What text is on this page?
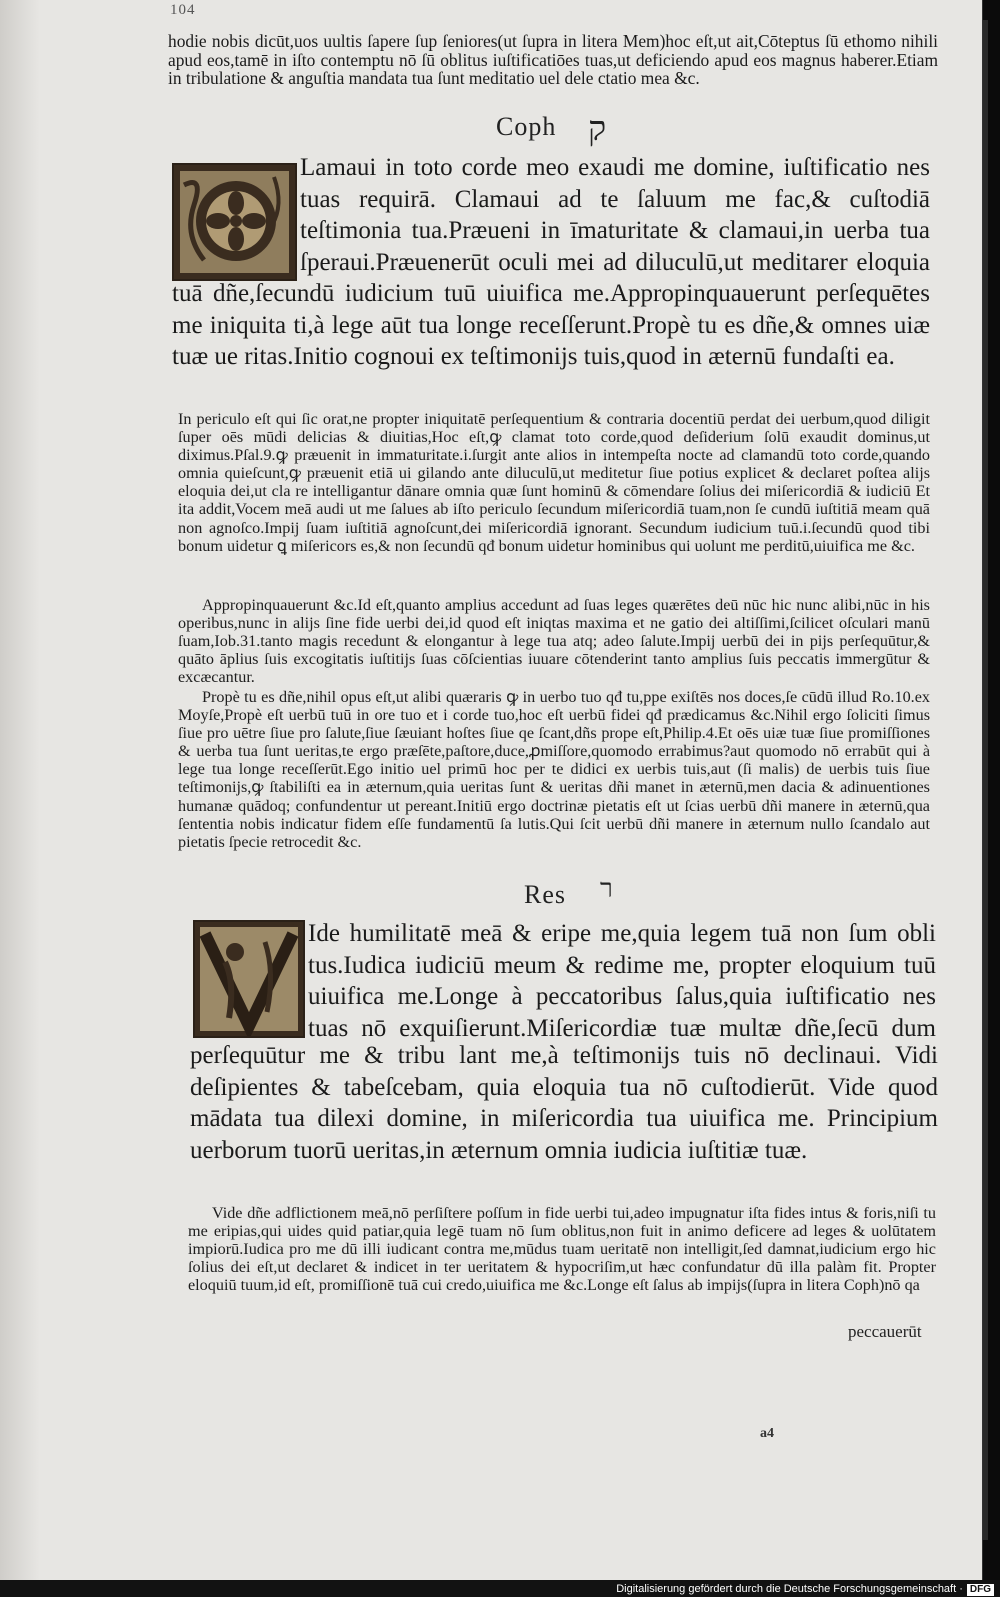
104

hodie nobis dicūt,uos uultis ſapere ſup ſeniores(ut ſupra in litera Mem)hoc eſt,ut ait,Cōteptus ſū ethomo nihili apud eos,tamē in iſto contemptu nō ſū oblitus iuſtificatiōes tuas,ut deficiendo apud eos magnus haberer.Etiam in tribulatione & anguſtia mandata tua ſunt meditatio uel dele ctatio mea &c.

Coph ק

Lamaui in toto corde meo exaudi me domine, iuſtificatio nes tuas requirā. Clamaui ad te ſaluum me fac,& cuſtodiā teſtimonia tua.Præueni in īmaturitate & clamaui,in uerba tua ſperaui.Præuenerūt oculi mei ad diluculū,ut meditarer eloquia

tuā dñe,ſecundū iudicium tuū uiuifica me.Appropinquauerunt perſequētes me iniquita ti,à lege aūt tua longe receſſerunt.Propè tu es dñe,& omnes uiæ tuæ ue ritas.Initio cognoui ex teſtimonijs tuis,quod in æternū fundaſti ea.

In periculo eſt qui ſic orat,ne propter iniquitatē perſequentium & contraria docentiū perdat dei uerbum,quod diligit ſuper oēs mūdi delicias & diuitias,Hoc eſt,ꝙ clamat toto corde,quod deſiderium ſolū exaudit dominus,ut diximus.Pſal.9.ꝙ præuenit in immaturitate.i.ſurgit ante alios in intempeſta nocte ad clamandū toto corde,quando omnia quieſcunt,ꝙ præuenit etiā ui gilando ante diluculū,ut meditetur ſiue potius explicet & declaret poſtea alijs eloquia dei,ut cla re intelligantur dānare omnia quæ ſunt hominū & cōmendare ſolius dei miſericordiā & iudiciū Et ita addit,Vocem meā audi ut me ſalues ab iſto periculo ſecundum miſericordiā tuam,non ſe cundū iuſtitiā meam quā non agnoſco.Impij ſuam iuſtitiā agnoſcunt,dei miſericordiā ignorant. Secundum iudicium tuū.i.ſecundū quod tibi bonum uidetur ꝗ miſericors es,& non ſecundū qđ bonum uidetur hominibus qui uolunt me perditū,uiuifica me &c.

Appropinquauerunt &c.Id eſt,quanto amplius accedunt ad ſuas leges quærētes deū nūc hic nunc alibi,nūc in his operibus,nunc in alijs ſine fide uerbi dei,id quod eſt iniqtas maxima et ne gatio dei altiſſimi,ſcilicet oſculari manū ſuam,Iob.31.tanto magis recedunt & elongantur à lege tua atq; adeo ſalute.Impij uerbū dei in pijs perſequūtur,& quāto āplius ſuis excogitatis iuſtitijs ſuas cōſcientias iuuare cōtenderint tanto amplius ſuis peccatis immergūtur & excæcantur.

Propè tu es dñe,nihil opus eſt,ut alibi quæraris ꝙ in uerbo tuo qđ tu,ppe exiſtēs nos doces,ſe cūdū illud Ro.10.ex Moyſe,Propè eſt uerbū tuū in ore tuo et i corde tuo,hoc eſt uerbū fidei qđ prædicamus &c.Nihil ergo ſoliciti ſimus ſiue pro uētre ſiue pro ſalute,ſiue ſæuiant hoſtes ſiue qe ſcant,dñs prope eſt,Philip.4.Et oēs uiæ tuæ ſiue promiſſiones & uerba tua ſunt ueritas,te ergo præſēte,paſtore,duce,ꝓmiſſore,quomodo errabimus?aut quomodo nō errabūt qui à lege tua longe receſſerūt.Ego initio uel primū hoc per te didici ex uerbis tuis,aut (ſi malis) de uerbis tuis ſiue teſtimonijs,ꝙ ſtabiliſti ea in æternum,quia ueritas ſunt & ueritas dñi manet in æternū,men dacia & adinuentiones humanæ quādoq; confundentur ut pereant.Initiū ergo doctrinæ pietatis eſt ut ſcias uerbū dñi manere in æternū,qua ſententia nobis indicatur fidem eſſe fundamentū ſa lutis.Qui ſcit uerbū dñi manere in æternum nullo ſcandalo aut pietatis ſpecie retrocedit &c.

Res ר

Ide humilitatē meā & eripe me,quia legem tuā non ſum obli tus.Iudica iudiciū meum & redime me, propter eloquium tuū uiuifica me.Longe à peccatoribus ſalus,quia iuſtificatio nes tuas nō exquiſierunt.Miſericordiæ tuæ multæ dñe,ſecū dum

perſequūtur me & tribu lant me,à teſtimonijs tuis nō declinaui. Vidi deſipientes & tabeſcebam, quia eloquia tua nō cuſtodierūt. Vide quod mādata tua dilexi domine, in miſericordia tua uiuifica me. Principium uerborum tuorū ueritas,in æternum omnia iudicia iuſtitiæ tuæ.

Vide dñe adflictionem meā,nō perſiſtere poſſum in fide uerbi tui,adeo impugnatur iſta fides intus & foris,niſi tu me eripias,qui uides quid patiar,quia legē tuam nō ſum oblitus,non fuit in animo deficere ad leges & uolūtatem impiorū.Iudica pro me dū illi iudicant contra me,mūdus tuam ueritatē non intelligit,ſed damnat,iudicium ergo hic ſolius dei eſt,ut declaret & indicet in ter ueritatem & hypocriſim,ut hæc confundatur dū illa palàm fit. Propter eloquiū tuum,id eſt, promiſſionē tuā cui credo,uiuifica me &c.Longe eſt ſalus ab impijs(ſupra in litera Coph)nō qa

peccauerūt
a4
Digitalisierung gefördert durch die Deutsche Forschungsgemeinschaft · DFG
